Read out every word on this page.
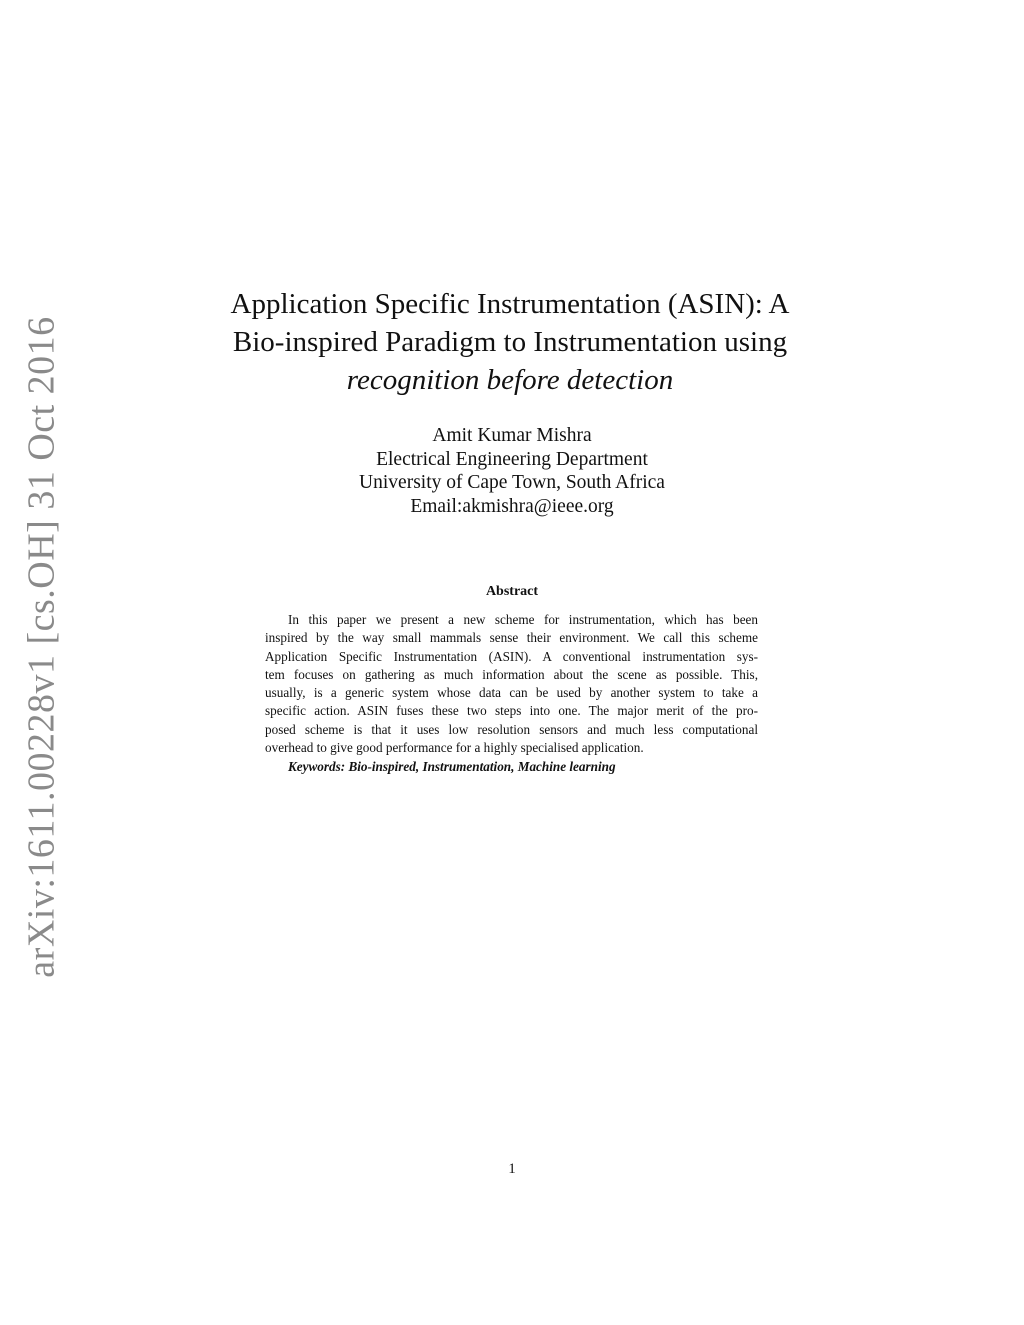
arXiv:1611.00228v1 [cs.OH] 31 Oct 2016
Application Specific Instrumentation (ASIN): A
Bio-inspired Paradigm to Instrumentation using
recognition before detection
Amit Kumar Mishra
Electrical Engineering Department
University of Cape Town, South Africa
Email:akmishra@ieee.org
Abstract
In this paper we present a new scheme for instrumentation, which has been
inspired by the way small mammals sense their environment. We call this scheme
Application Specific Instrumentation (ASIN). A conventional instrumentation sys-
tem focuses on gathering as much information about the scene as possible. This,
usually, is a generic system whose data can be used by another system to take a
specific action. ASIN fuses these two steps into one. The major merit of the pro-
posed scheme is that it uses low resolution sensors and much less computational
overhead to give good performance for a highly specialised application.
Keywords: Bio-inspired, Instrumentation, Machine learning
1
